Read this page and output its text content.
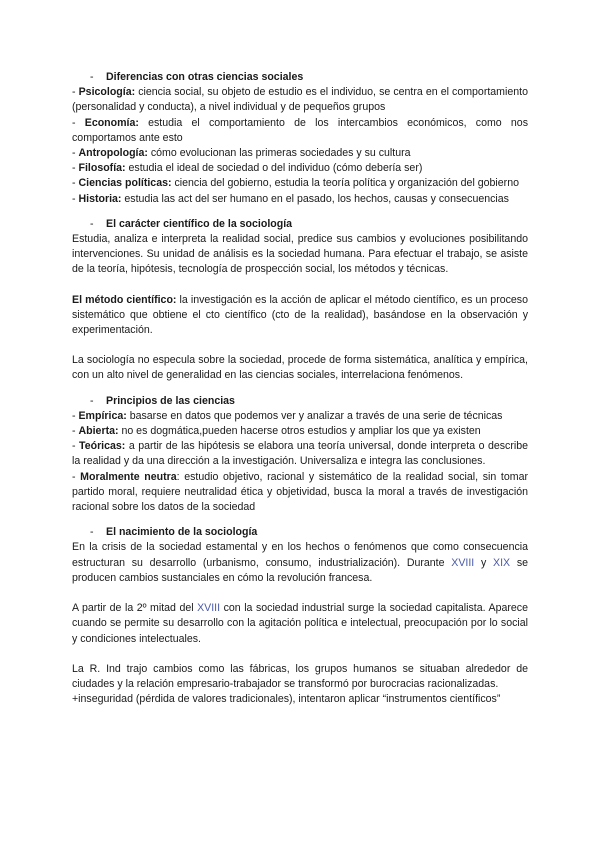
- Diferencias con otras ciencias sociales

- Psicología: ciencia social, su objeto de estudio es el individuo, se centra en el comportamiento (personalidad y conducta), a nivel individual y de pequeños grupos

- Economía: estudia el comportamiento de los intercambios económicos, como nos comportamos ante esto

- Antropología: cómo evolucionan las primeras sociedades y su cultura

- Filosofía: estudia el ideal de sociedad o del individuo (cómo debería ser)

- Ciencias políticas: ciencia del gobierno, estudia la teoría política y organización del gobierno

- Historia: estudia las act del ser humano en el pasado, los hechos, causas y consecuencias

- El carácter científico de la sociología

Estudia, analiza e interpreta la realidad social, predice sus cambios y evoluciones posibilitando intervenciones. Su unidad de análisis es la sociedad humana. Para efectuar el trabajo, se asiste de la teoría, hipótesis, tecnología de prospección social, los métodos y técnicas.

El método científico: la investigación es la acción de aplicar el método científico, es un proceso sistemático que obtiene el cto científico (cto de la realidad), basándose en la observación y experimentación.

La sociología no especula sobre la sociedad, procede de forma sistemática, analítica y empírica, con un alto nivel de generalidad en las ciencias sociales, interrelaciona fenómenos.

- Principios de las ciencias

- Empírica: basarse en datos que podemos ver y analizar a través de una serie de técnicas

- Abierta: no es dogmática,pueden hacerse otros estudios y ampliar los que ya existen

- Teóricas: a partir de las hipótesis se elabora una teoría universal, donde interpreta o describe la realidad y da una dirección a la investigación. Universaliza e integra las conclusiones.

- Moralmente neutra: estudio objetivo, racional y sistemático de la realidad social, sin tomar partido moral, requiere neutralidad ética y objetividad, busca la moral a través de investigación racional sobre los datos de la sociedad

- El nacimiento de la sociología

En la crisis de la sociedad estamental y en los hechos o fenómenos que como consecuencia estructuran su desarrollo (urbanismo, consumo, industrialización). Durante XVIII y XIX se producen cambios sustanciales en cómo la revolución francesa.

A partir de la 2º mitad del XVIII con la sociedad industrial surge la sociedad capitalista. Aparece cuando se permite su desarrollo con la agitación política e intelectual, preocupación por lo social y condiciones intelectuales.

La R. Ind trajo cambios como las fábricas, los grupos humanos se situaban alrededor de ciudades y la relación empresario-trabajador se transformó por burocracias racionalizadas.

+inseguridad (pérdida de valores tradicionales), intentaron aplicar “instrumentos científicos”
